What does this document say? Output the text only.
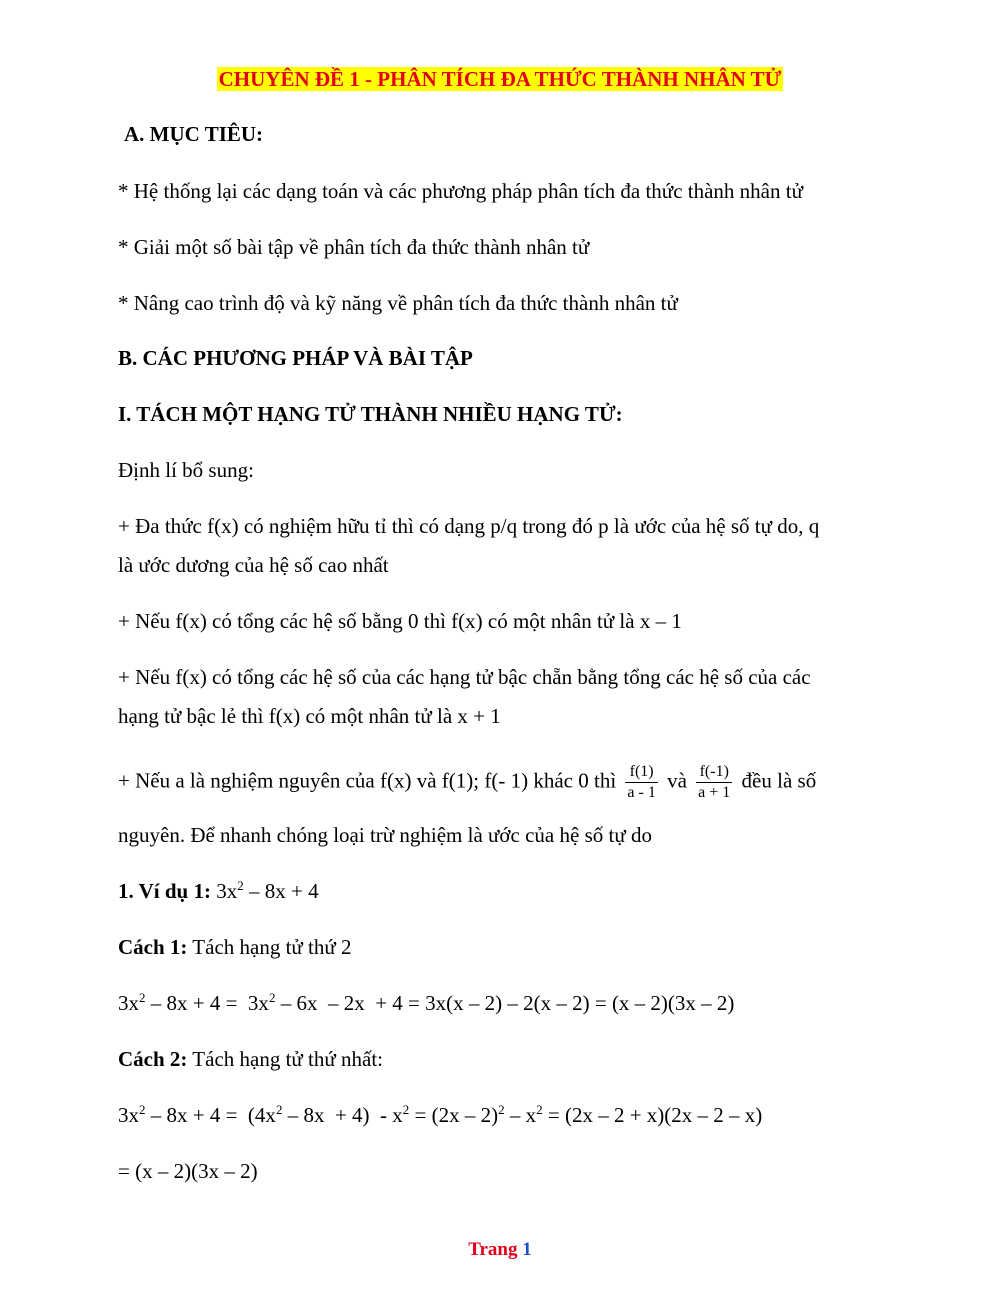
CHUYÊN ĐỀ 1 - PHÂN TÍCH ĐA THỨC THÀNH NHÂN TỬ
A. MỤC TIÊU:
* Hệ thống lại các dạng toán và các phương pháp phân tích đa thức thành nhân tử
* Giải một số bài tập về phân tích đa thức thành nhân tử
* Nâng cao trình độ và kỹ năng về phân tích đa thức thành nhân tử
B. CÁC PHƯƠNG PHÁP VÀ BÀI TẬP
I. TÁCH MỘT HẠNG TỬ THÀNH NHIỀU HẠNG TỬ:
Định lí bổ sung:
+ Đa thức f(x) có nghiệm hữu tỉ thì có dạng p/q trong đó p là ước của hệ số tự do, q
là ước dương của hệ số cao nhất
+ Nếu f(x) có tổng các hệ số bằng 0 thì f(x) có một nhân tử là x – 1
+ Nếu f(x) có tổng các hệ số của các hạng tử bậc chẵn bằng tổng các hệ số của các
hạng tử bậc lẻ thì f(x) có một nhân tử là x + 1
+ Nếu a là nghiệm nguyên của f(x) và f(1); f(- 1) khác 0 thì $\frac{f(1)}{a - 1}$ và $\frac{f(-1)}{a + 1}$ đều là số
nguyên. Để nhanh chóng loại trừ nghiệm là ước của hệ số tự do
1. Ví dụ 1: $3x^2 - 8x + 4$
Cách 1: Tách hạng tử thứ 2
$3x^2 - 8x + 4 = 3x^2 - 6x - 2x + 4 = 3x(x - 2) - 2(x - 2) = (x - 2)(3x - 2)$
Cách 2: Tách hạng tử thứ nhất:
$3x^2 - 8x + 4 = (4x^2 - 8x + 4) - x^2 = (2x - 2)^2 - x^2 = (2x - 2 + x)(2x - 2 - x)$
= (x – 2)(3x – 2)
Trang 1
